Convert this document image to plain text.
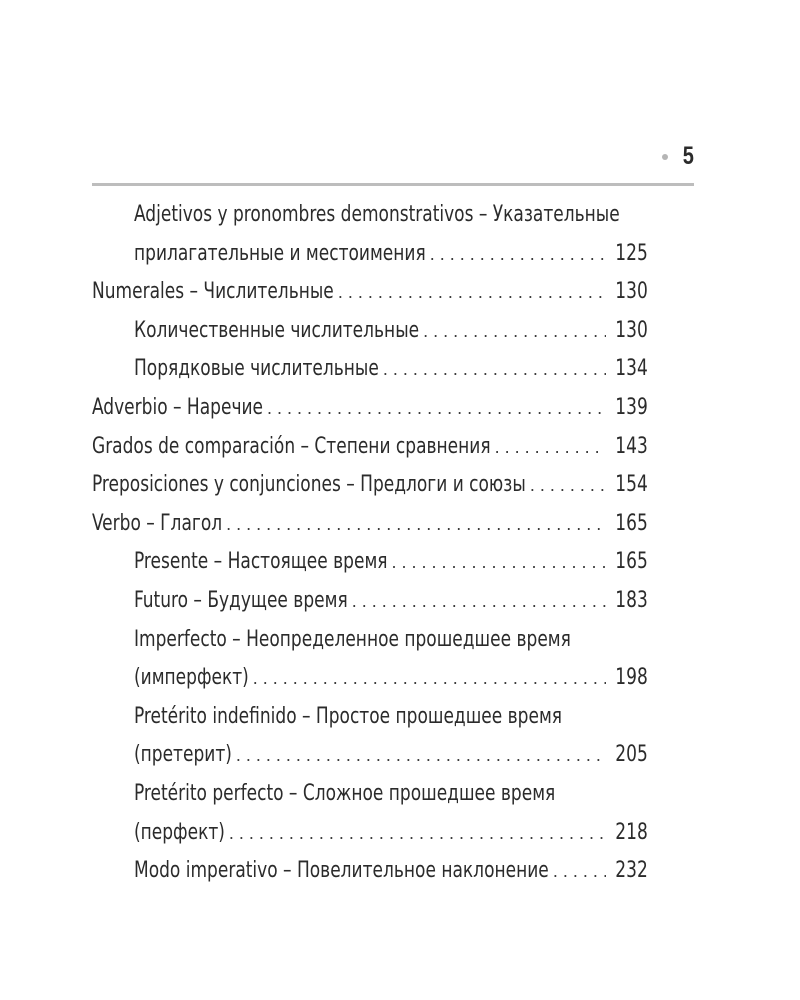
5
Adjetivos y pronombres demonstrativos – Указательные
прилагательные и местоимения . . .	125
Numerales – Числительные . . .	130
Количественные числительные . . .	130
Порядковые числительные . . .	134
Adverbio – Наречие . . .	139
Grados de comparación – Степени сравнения . . .	143
Preposiciones y conjunciones – Предлоги и союзы . . .	154
Verbo – Глагол . . .	165
Presente – Настоящее время . . .	165
Futuro – Будущее время . . .	183
Imperfecto – Неопределенное прошедшее время
(имперфект) . . .	198
Pretérito indefinido – Простое прошедшее время
(претерит) . . .	205
Pretérito perfecto – Сложное прошедшее время
(перфект) . . .	218
Modo imperativo – Повелительное наклонение . . .	232
